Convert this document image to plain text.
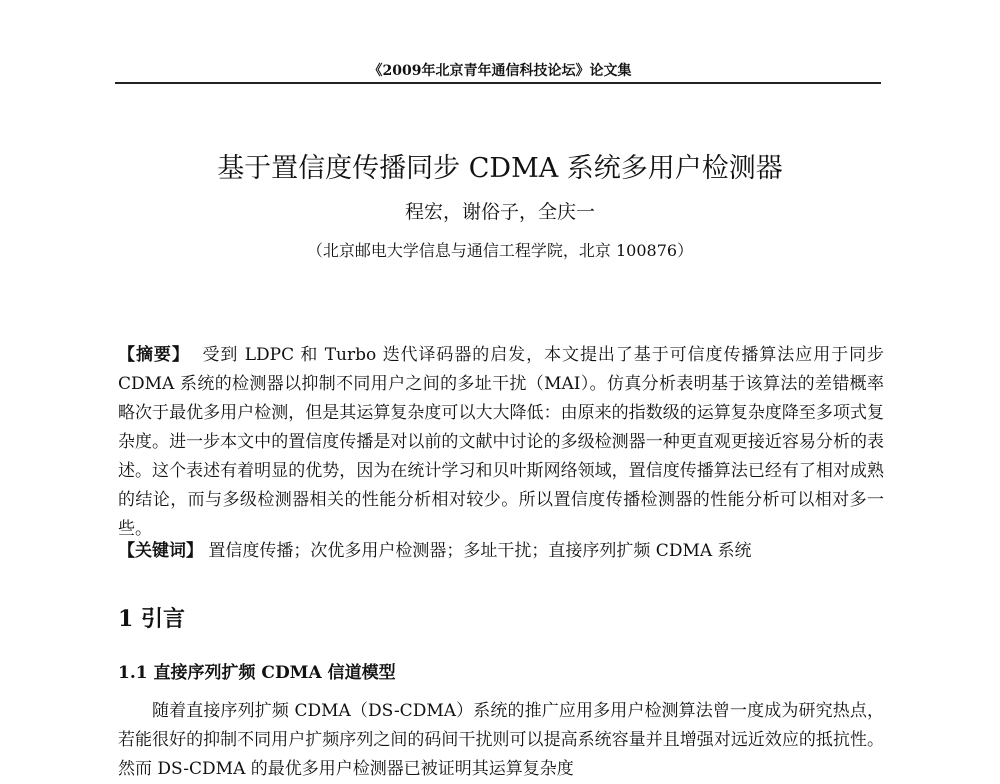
《2009年北京青年通信科技论坛》论文集
基于置信度传播同步 CDMA 系统多用户检测器
程宏，谢俗子，全庆一
（北京邮电大学信息与通信工程学院，北京 100876）
【摘要】 受到 LDPC 和 Turbo 迭代译码器的启发，本文提出了基于可信度传播算法应用于同步 CDMA 系统的检测器以抑制不同用户之间的多址干扰（MAI）。仿真分析表明基于该算法的差错概率略次于最优多用户检测，但是其运算复杂度可以大大降低：由原来的指数级的运算复杂度降至多项式复杂度。进一步本文中的置信度传播是对以前的文献中讨论的多级检测器一种更直观更接近容易分析的表述。这个表述有着明显的优势，因为在统计学习和贝叶斯网络领域，置信度传播算法已经有了相对成熟的结论，而与多级检测器相关的性能分析相对较少。所以置信度传播检测器的性能分析可以相对多一些。
【关键词】 置信度传播；次优多用户检测器；多址干扰；直接序列扩频 CDMA 系统
1 引言
1.1 直接序列扩频 CDMA 信道模型
随着直接序列扩频 CDMA（DS-CDMA）系统的推广应用多用户检测算法曾一度成为研究热点，若能很好的抑制不同用户扩频序列之间的码间干扰则可以提高系统容量并且增强对远近效应的抵抗性。然而 DS-CDMA 的最优多用户检测器已被证明其运算复杂度
